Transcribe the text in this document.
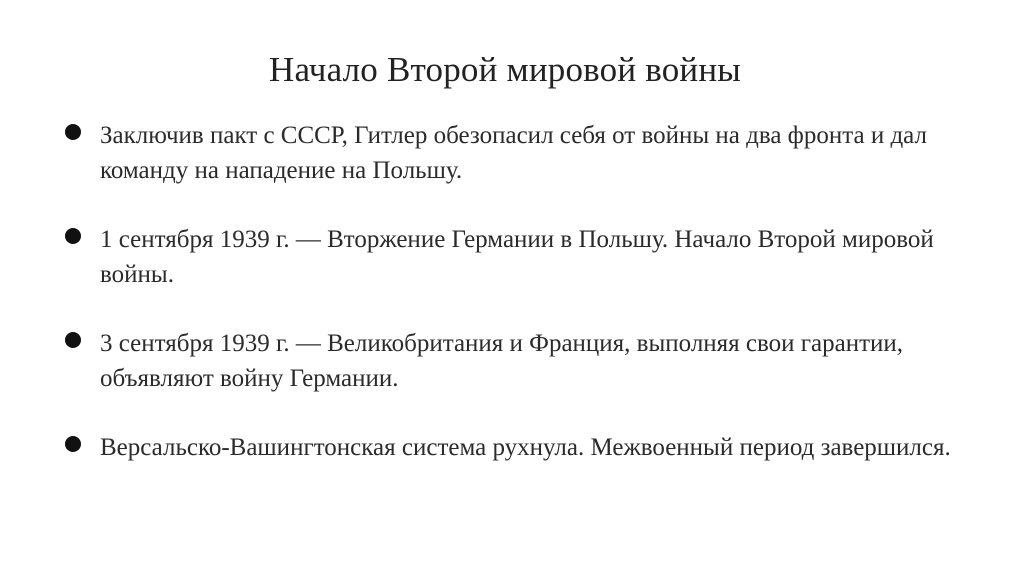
Начало Второй мировой войны
Заключив пакт с СССР, Гитлер обезопасил себя от войны на два фронта и дал команду на нападение на Польшу.
1 сентября 1939 г. — Вторжение Германии в Польшу. Начало Второй мировой войны.
3 сентября 1939 г. — Великобритания и Франция, выполняя свои гарантии, объявляют войну Германии.
Версальско-Вашингтонская система рухнула. Межвоенный период завершился.
